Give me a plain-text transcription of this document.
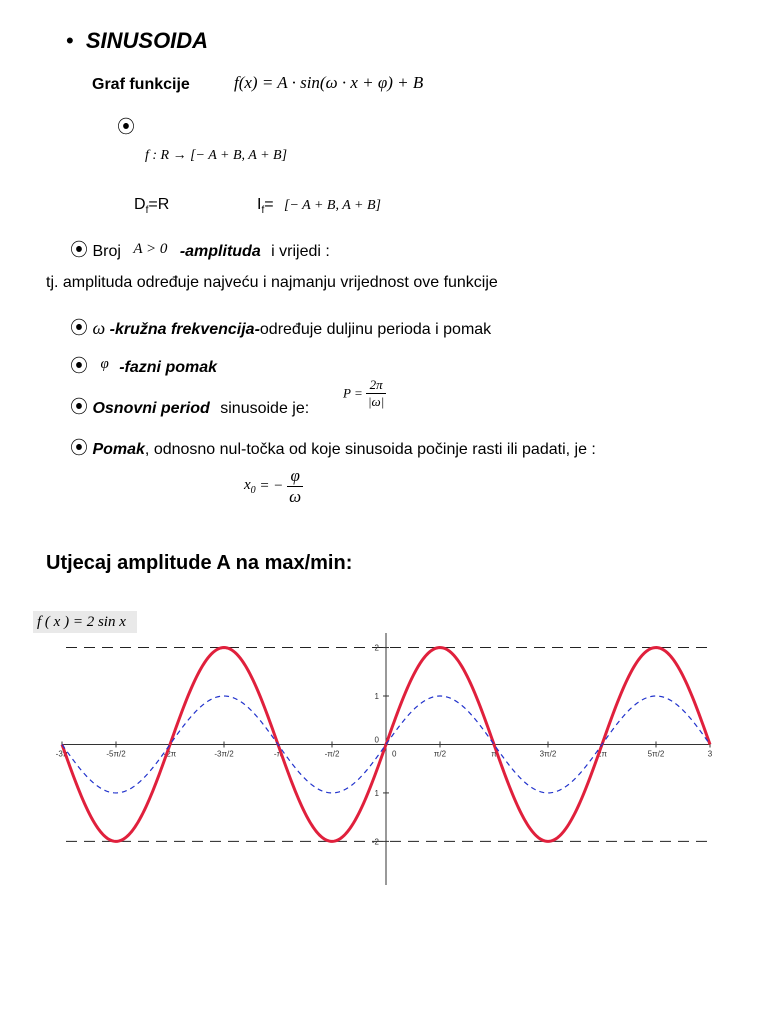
• SINUSOIDA
Graf funkcije	f(x) = A · sin(ω · x + φ) + B
⦿
f : R → [− A + B, A + B]
$D_f=R$	$I_f=$ [− A + B, A + B]
⦿ Broj A > 0 -amplituda i vrijedi :
tj. amplituda određuje najveću i najmanju vrijednost ove funkcije
⦿ ω -kružna frekvencija-određuje duljinu perioda i pomak
⦿ φ -fazni pomak
⦿ Osnovni period sinusoide je:
$P = \frac{2\pi}{|\omega|}$
⦿ Pomak, odnosno nul-točka od koje sinusoida počinje rasti ili padati, je :
$x_0$ = − $\frac{\varphi}{\omega}$
Utjecaj amplitude A na max/min:
f ( x ) = 2 sin x
-3π	-5π/2	-2π	-3π/2	-π	-π/2	π/2	π	3π/2	2π	5π/2	3
0
2
1
0
1
-2
